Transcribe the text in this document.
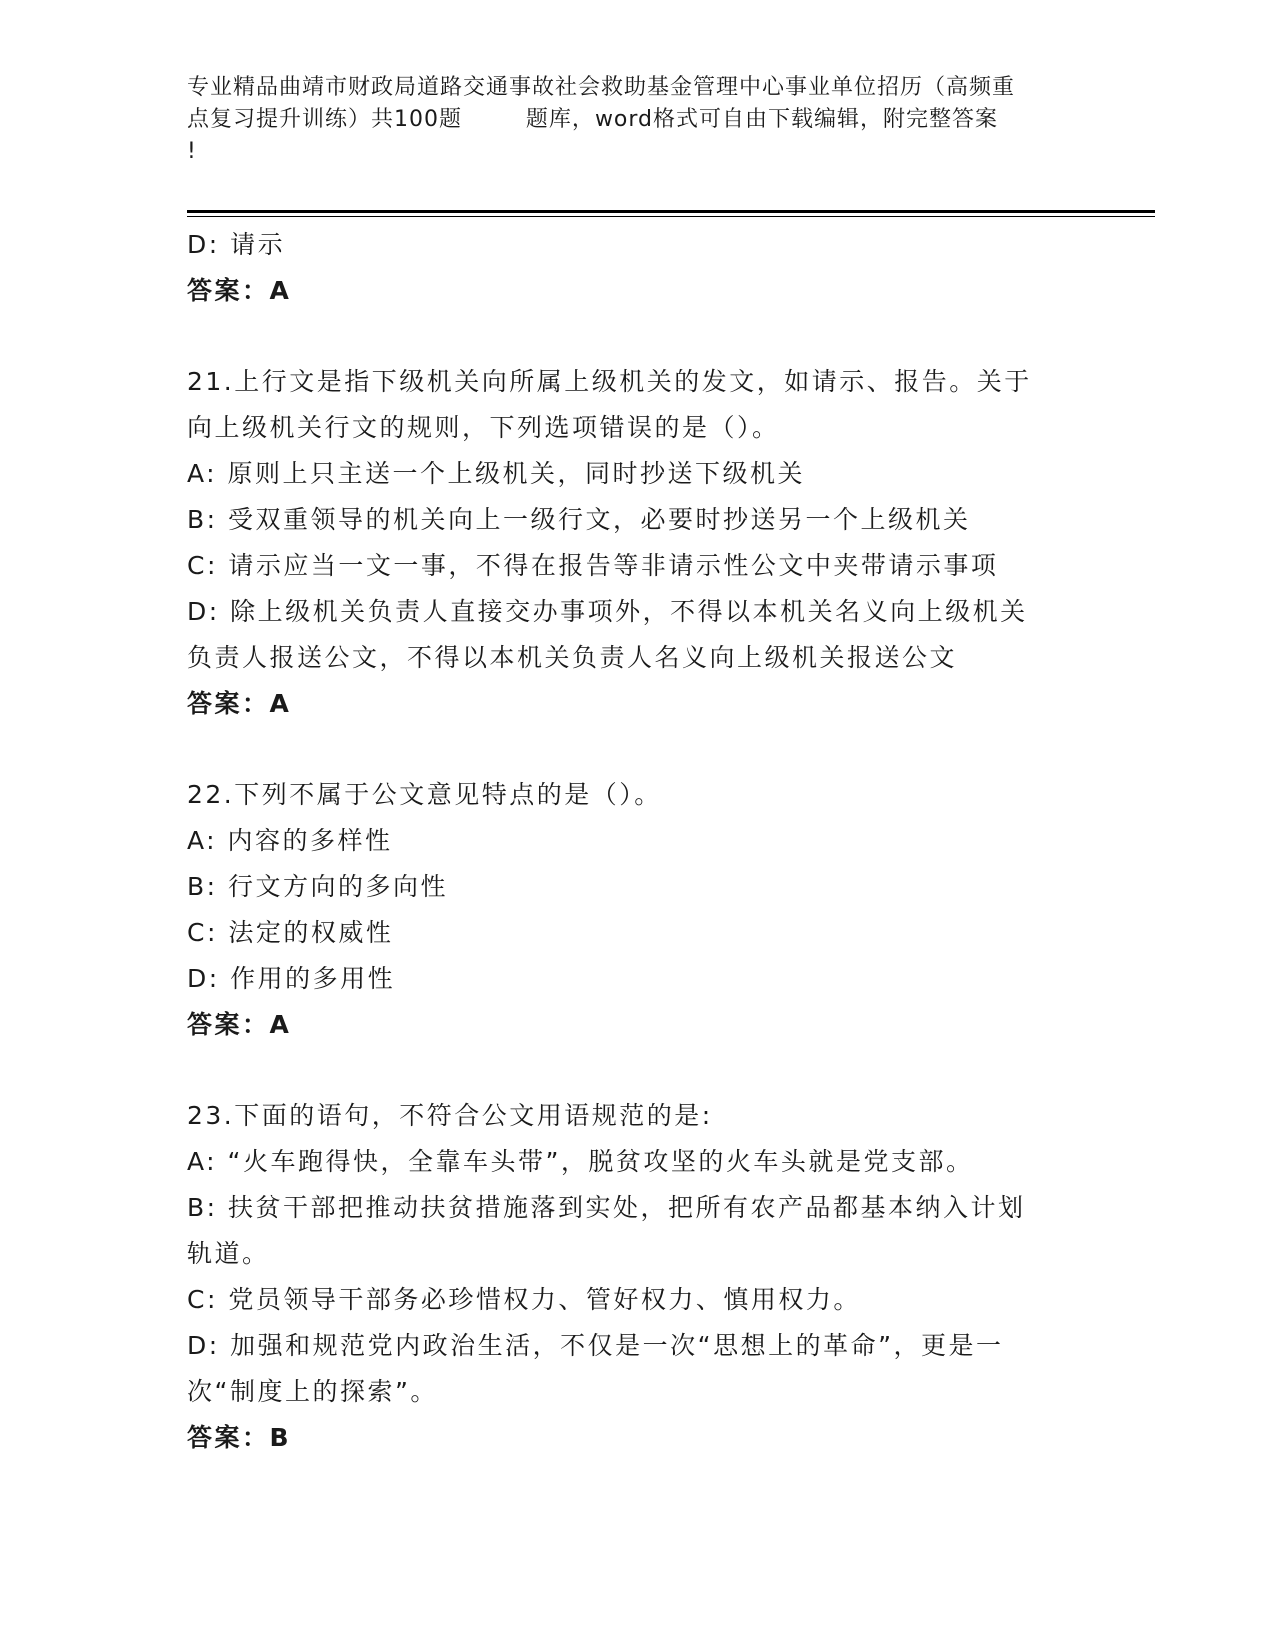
专业精品曲靖市财政局道路交通事故社会救助基金管理中心事业单位招历（高频重
点复习提升训练）共100题        题库，word格式可自由下载编辑，附完整答案
!
D: 请示
答案：A
21.上行文是指下级机关向所属上级机关的发文，如请示、报告。关于
向上级机关行文的规则，下列选项错误的是（）。
A: 原则上只主送一个上级机关，同时抄送下级机关
B: 受双重领导的机关向上一级行文，必要时抄送另一个上级机关
C: 请示应当一文一事，不得在报告等非请示性公文中夹带请示事项
D: 除上级机关负责人直接交办事项外，不得以本机关名义向上级机关
负责人报送公文，不得以本机关负责人名义向上级机关报送公文
答案：A
22.下列不属于公文意见特点的是（）。
A: 内容的多样性
B: 行文方向的多向性
C: 法定的权威性
D: 作用的多用性
答案：A
23.下面的语句，不符合公文用语规范的是:
A: “火车跑得快，全靠车头带”，脱贫攻坚的火车头就是党支部。
B: 扶贫干部把推动扶贫措施落到实处，把所有农产品都基本纳入计划
轨道。
C: 党员领导干部务必珍惜权力、管好权力、慎用权力。
D: 加强和规范党内政治生活，不仅是一次“思想上的革命”，更是一
次“制度上的探索”。
答案：B
